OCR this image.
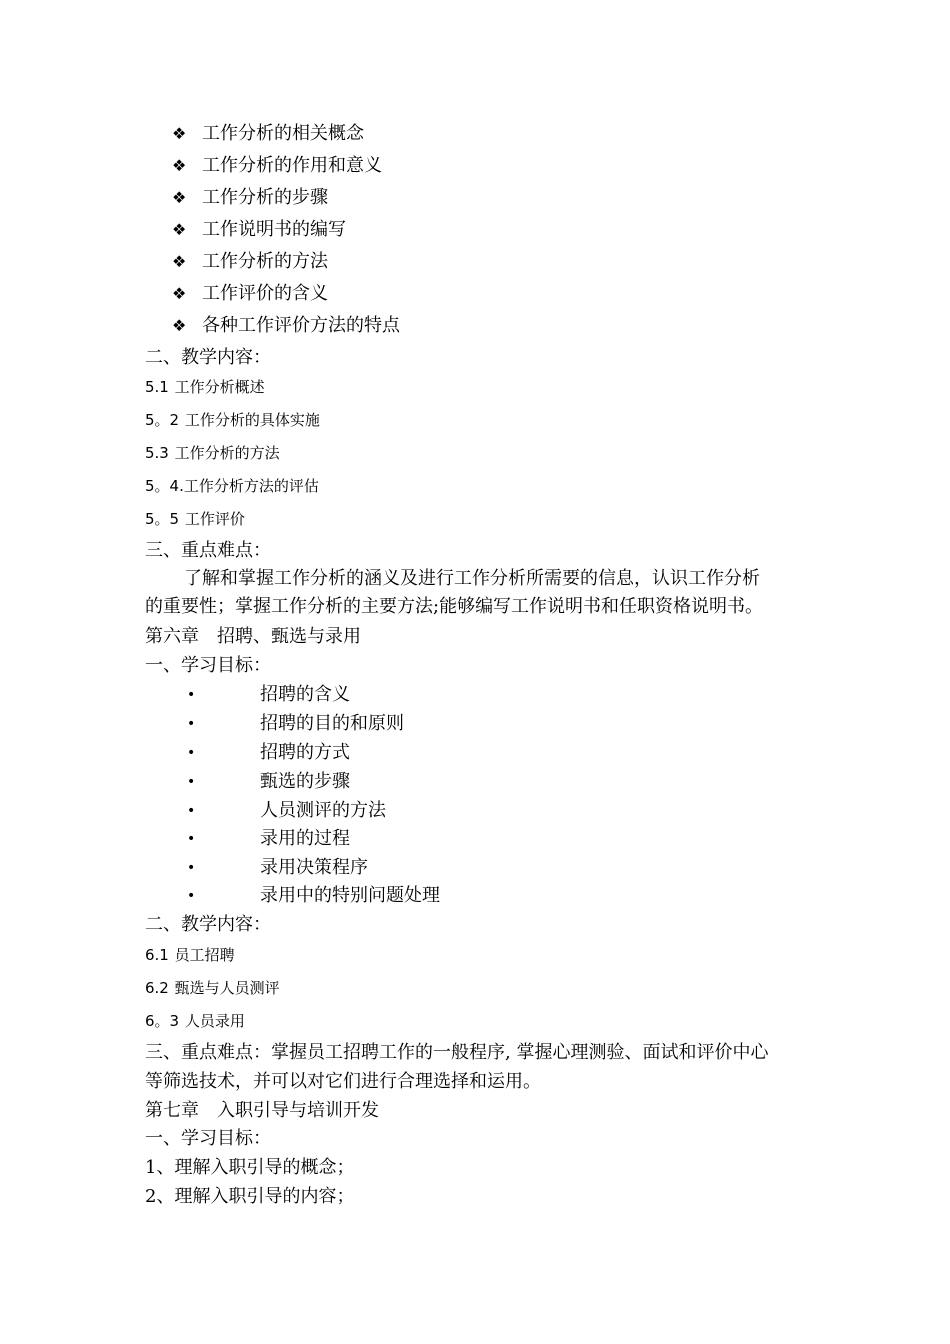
❖ 工作分析的相关概念
❖ 工作分析的作用和意义
❖ 工作分析的步骤
❖ 工作说明书的编写
❖ 工作分析的方法
❖ 工作评价的含义
❖ 各种工作评价方法的特点
二、教学内容：
5.1 工作分析概述
5。2 工作分析的具体实施
5.3 工作分析的方法
5。4.工作分析方法的评估
5。5 工作评价
三、重点难点：
了解和掌握工作分析的涵义及进行工作分析所需要的信息，认识工作分析
的重要性；掌握工作分析的主要方法;能够编写工作说明书和任职资格说明书。
第六章　招聘、甄选与录用
一、学习目标：
•	招聘的含义
•	招聘的目的和原则
•	招聘的方式
•	甄选的步骤
•	人员测评的方法
•	录用的过程
•	录用决策程序
•	录用中的特别问题处理
二、教学内容：
6.1 员工招聘
6.2 甄选与人员测评
6。3 人员录用
三、重点难点：掌握员工招聘工作的一般程序, 掌握心理测验、面试和评价中心
等筛选技术，并可以对它们进行合理选择和运用。
第七章　入职引导与培训开发
一、学习目标：
1、理解入职引导的概念；
2、理解入职引导的内容；
